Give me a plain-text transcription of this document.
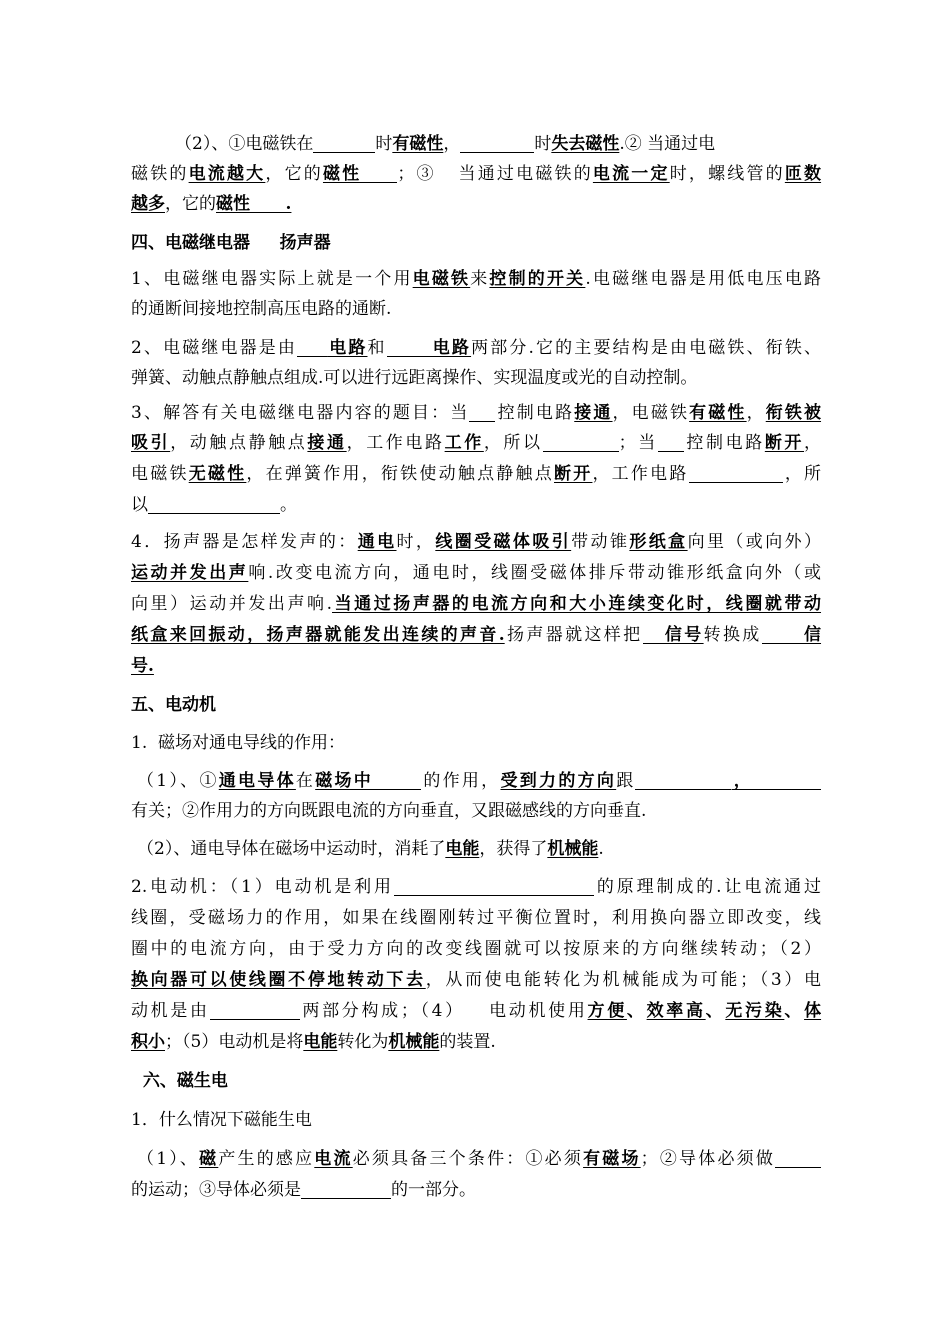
（2）、①电磁铁在	时有磁性，	时失去磁性.② 当通过电
磁铁的电流越大，它的磁性 ；③   当通过电磁铁的电流一定时，螺线管的匝数
越多，它的磁性      .
四、电磁继电器     扬声器
1、电磁继电器实际上就是一个用电磁铁来控制的开关.电磁继电器是用低电压电路
的通断间接地控制高压电路的通断.
2、电磁继电器是由 电路和	电路两部分.它的主要结构是由电磁铁、衔铁、
弹簧、动触点静触点组成.可以进行远距离操作、实现温度或光的自动控制。
3、解答有关电磁继电器内容的题目：当 控制电路接通，电磁铁有磁性，衔铁被
吸引，动触点静触点接通，工作电路工作，所以	；当 控制电路断开，
电磁铁无磁性，在弹簧作用，衔铁使动触点静触点断开，工作电路	，所
以	。
4．扬声器是怎样发声的：通电时，线圈受磁体吸引带动锥形纸盒向里（或向外）
运动并发出声响.改变电流方向，通电时，线圈受磁体排斥带动锥形纸盒向外（或
向里）运动并发出声响.当通过扬声器的电流方向和大小连续变化时，线圈就带动
纸盒来回振动，扬声器就能发出连续的声音.扬声器就这样把 信号转换成 信
号.
五、电动机
1.  磁场对通电导线的作用：
（1）、①通电导体在磁场中	的作用，受到力的方向跟	，
有关；②作用力的方向既跟电流的方向垂直，又跟磁感线的方向垂直.
（2）、通电导体在磁场中运动时，消耗了电能，获得了机械能.
2.电动机：（1）电动机是利用	的原理制成的.让电流通过
线圈，受磁场力的作用，如果在线圈刚转过平衡位置时，利用换向器立即改变，线
圈中的电流方向，由于受力方向的改变线圈就可以按原来的方向继续转动；（2）
换向器可以使线圈不停地转动下去，从而使电能转化为机械能成为可能；（3）电
动机是由	两部分构成；（4）   电动机使用方便、效率高、无污染、体
积小；（5）电动机是将电能转化为机械能的装置.
六、磁生电
1．什么情况下磁能生电
（1）、磁产生的感应电流必须具备三个条件：①必须有磁场；②导体必须做
的运动；③导体必须是	的一部分。
